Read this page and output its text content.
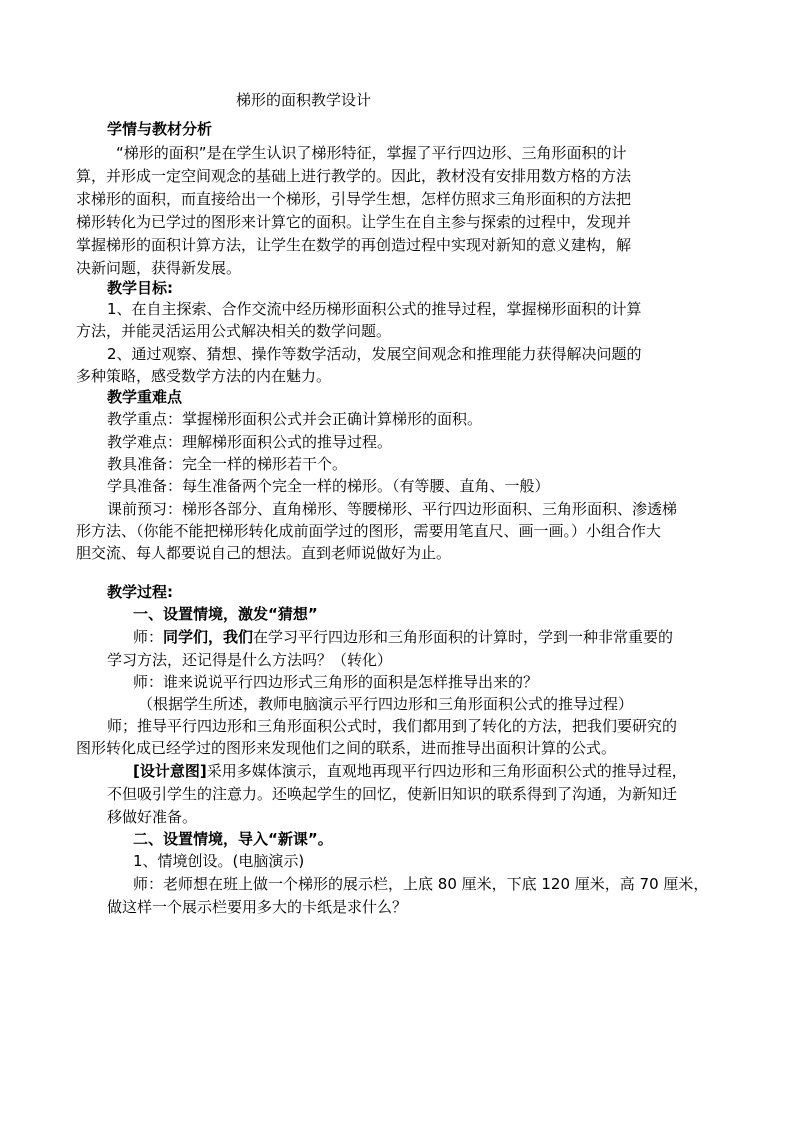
梯形的面积教学设计
学情与教材分析
“梯形的面积”是在学生认识了梯形特征，掌握了平行四边形、三角形面积的计
算，并形成一定空间观念的基础上进行教学的。因此，教材没有安排用数方格的方法
求梯形的面积，而直接给出一个梯形，引导学生想，怎样仿照求三角形面积的方法把
梯形转化为已学过的图形来计算它的面积。让学生在自主参与探索的过程中，发现并
掌握梯形的面积计算方法，让学生在数学的再创造过程中实现对新知的意义建构，解
决新问题，获得新发展。
教学目标:
1、在自主探索、合作交流中经历梯形面积公式的推导过程，掌握梯形面积的计算
方法，并能灵活运用公式解决相关的数学问题。
2、通过观察、猜想、操作等数学活动，发展空间观念和推理能力获得解决问题的
多种策略，感受数学方法的内在魅力。
教学重难点
教学重点：掌握梯形面积公式并会正确计算梯形的面积。
教学难点：理解梯形面积公式的推导过程。
教具准备：完全一样的梯形若干个。
学具准备：每生准备两个完全一样的梯形。（有等腰、直角、一般）
课前预习：梯形各部分、直角梯形、等腰梯形、平行四边形面积、三角形面积、渗透梯
形方法、（你能不能把梯形转化成前面学过的图形，需要用笔直尺、画一画。）小组合作大
胆交流、每人都要说自己的想法。直到老师说做好为止。
教学过程:
一、设置情境，激发“猜想”
师：同学们，我们在学习平行四边形和三角形面积的计算时，学到一种非常重要的
学习方法，还记得是什么方法吗？（转化）
师：谁来说说平行四边形式三角形的面积是怎样推导出来的？
（根据学生所述，教师电脑演示平行四边形和三角形面积公式的推导过程）
师；推导平行四边形和三角形面积公式时，我们都用到了转化的方法，把我们要研究的
图形转化成已经学过的图形来发现他们之间的联系，进而推导出面积计算的公式。
[设计意图]采用多媒体演示，直观地再现平行四边形和三角形面积公式的推导过程，
不但吸引学生的注意力。还唤起学生的回忆，使新旧知识的联系得到了沟通，为新知迁
移做好准备。
二、设置情境，导入“新课”。
1、情境创设。(电脑演示)
师：老师想在班上做一个梯形的展示栏，上底 80 厘米，下底 120 厘米，高 70 厘米，
做这样一个展示栏要用多大的卡纸是求什么？
